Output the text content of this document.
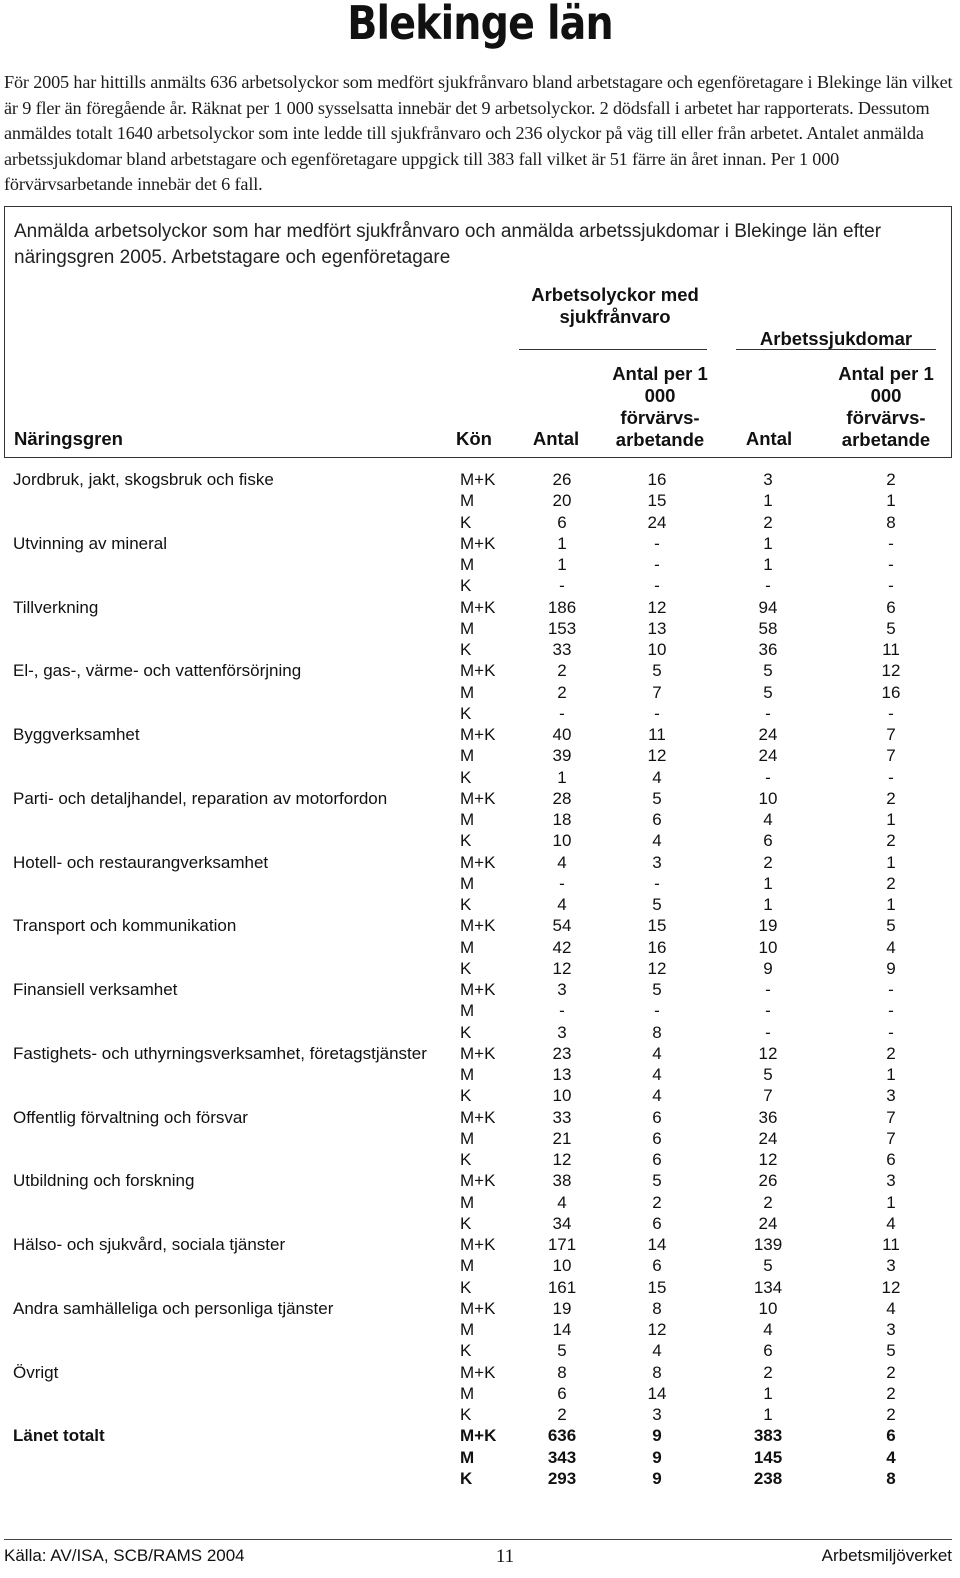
Blekinge län
För 2005 har hittills anmälts 636 arbetsolyckor som medfört sjukfrånvaro bland arbetstagare och egenföretagare i Blekinge län vilket är 9 fler än föregående år. Räknat per 1 000 sysselsatta innebär det 9 arbetsolyckor. 2 dödsfall i arbetet har rapporterats. Dessutom anmäldes totalt 1640 arbetsolyckor som inte ledde till sjukfrånvaro och 236 olyckor på väg till eller från arbetet. Antalet anmälda arbetssjukdomar bland arbetstagare och egenföretagare uppgick till 383 fall vilket är 51 färre än året innan. Per 1 000 förvärvsarbetande innebär det 6 fall.
Anmälda arbetsolyckor som har medfört sjukfrånvaro och anmälda arbetssjukdomar i Blekinge län efter näringsgren 2005. Arbetstagare och egenföretagare
Arbetsolyckor med sjukfrånvaro
Arbetssjukdomar
Näringsgren	Kön	Antal
Antal per 1 000 förvärvs-arbetande	Antal
Antal per 1 000 förvärvs-arbetande
Jordbruk, jakt, skogsbruk och fiske	M+K	26	16	3	2
M	20	15	1	1
K	6	24	2	8
Utvinning av mineral	M+K	1	-	1	-
M	1	-	1	-
K	-	-	-	-
Tillverkning	M+K	186	12	94	6
M	153	13	58	5
K	33	10	36	11
El-, gas-, värme- och vattenförsörjning	M+K	2	5	5	12
M	2	7	5	16
K	-	-	-	-
Byggverksamhet	M+K	40	11	24	7
M	39	12	24	7
K	1	4	-	-
Parti- och detaljhandel, reparation av motorfordon	M+K	28	5	10	2
M	18	6	4	1
K	10	4	6	2
Hotell- och restaurangverksamhet	M+K	4	3	2	1
M	-	-	1	2
K	4	5	1	1
Transport och kommunikation	M+K	54	15	19	5
M	42	16	10	4
K	12	12	9	9
Finansiell verksamhet	M+K	3	5	-	-
M	-	-	-	-
K	3	8	-	-
Fastighets- och uthyrningsverksamhet, företagstjänster M+K	23	4	12	2
M	13	4	5	1
K	10	4	7	3
Offentlig förvaltning och försvar	M+K	33	6	36	7
M	21	6	24	7
K	12	6	12	6
Utbildning och forskning	M+K	38	5	26	3
M	4	2	2	1
K	34	6	24	4
Hälso- och sjukvård, sociala tjänster	M+K	171	14	139	11
M	10	6	5	3
K	161	15	134	12
Andra samhälleliga och personliga tjänster	M+K	19	8	10	4
M	14	12	4	3
K	5	4	6	5
Övrigt	M+K	8	8	2	2
M	6	14	1	2
K	2	3	1	2
Länet totalt	M+K	636	9	383	6
M	343	9	145	4
K	293	9	238	8
Källa: AV/ISA, SCB/RAMS 2004	11	Arbetsmiljöverket
